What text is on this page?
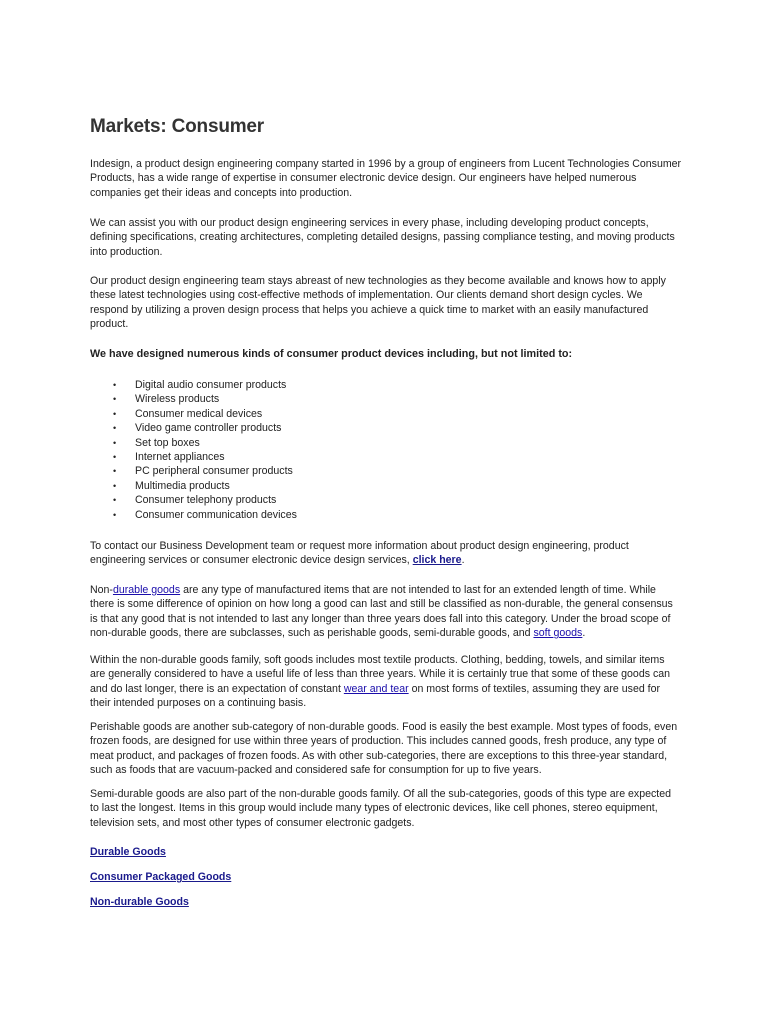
Markets: Consumer

Indesign, a product design engineering company started in 1996 by a group of engineers from Lucent Technologies Consumer Products, has a wide range of expertise in consumer electronic device design. Our engineers have helped numerous companies get their ideas and concepts into production.

We can assist you with our product design engineering services in every phase, including developing product concepts, defining specifications, creating architectures, completing detailed designs, passing compliance testing, and moving products into production.

Our product design engineering team stays abreast of new technologies as they become available and knows how to apply these latest technologies using cost-effective methods of implementation. Our clients demand short design cycles. We respond by utilizing a proven design process that helps you achieve a quick time to market with an easily manufactured product.

We have designed numerous kinds of consumer product devices including, but not limited to:

• Digital audio consumer products
• Wireless products
• Consumer medical devices
• Video game controller products
• Set top boxes
• Internet appliances
• PC peripheral consumer products
• Multimedia products
• Consumer telephony products
• Consumer communication devices

To contact our Business Development team or request more information about product design engineering, product engineering services or consumer electronic device design services, click here.

Non-durable goods are any type of manufactured items that are not intended to last for an extended length of time. While there is some difference of opinion on how long a good can last and still be classified as non-durable, the general consensus is that any good that is not intended to last any longer than three years does fall into this category. Under the broad scope of non-durable goods, there are subclasses, such as perishable goods, semi-durable goods, and soft goods.

Within the non-durable goods family, soft goods includes most textile products. Clothing, bedding, towels, and similar items are generally considered to have a useful life of less than three years. While it is certainly true that some of these goods can and do last longer, there is an expectation of constant wear and tear on most forms of textiles, assuming they are used for their intended purposes on a continuing basis.

Perishable goods are another sub-category of non-durable goods. Food is easily the best example. Most types of foods, even frozen foods, are designed for use within three years of production. This includes canned goods, fresh produce, any type of meat product, and packages of frozen foods. As with other sub-categories, there are exceptions to this three-year standard, such as foods that are vacuum-packed and considered safe for consumption for up to five years.

Semi-durable goods are also part of the non-durable goods family. Of all the sub-categories, goods of this type are expected to last the longest. Items in this group would include many types of electronic devices, like cell phones, stereo equipment, television sets, and most other types of consumer electronic gadgets.

Durable Goods
Consumer Packaged Goods
Non-durable Goods
